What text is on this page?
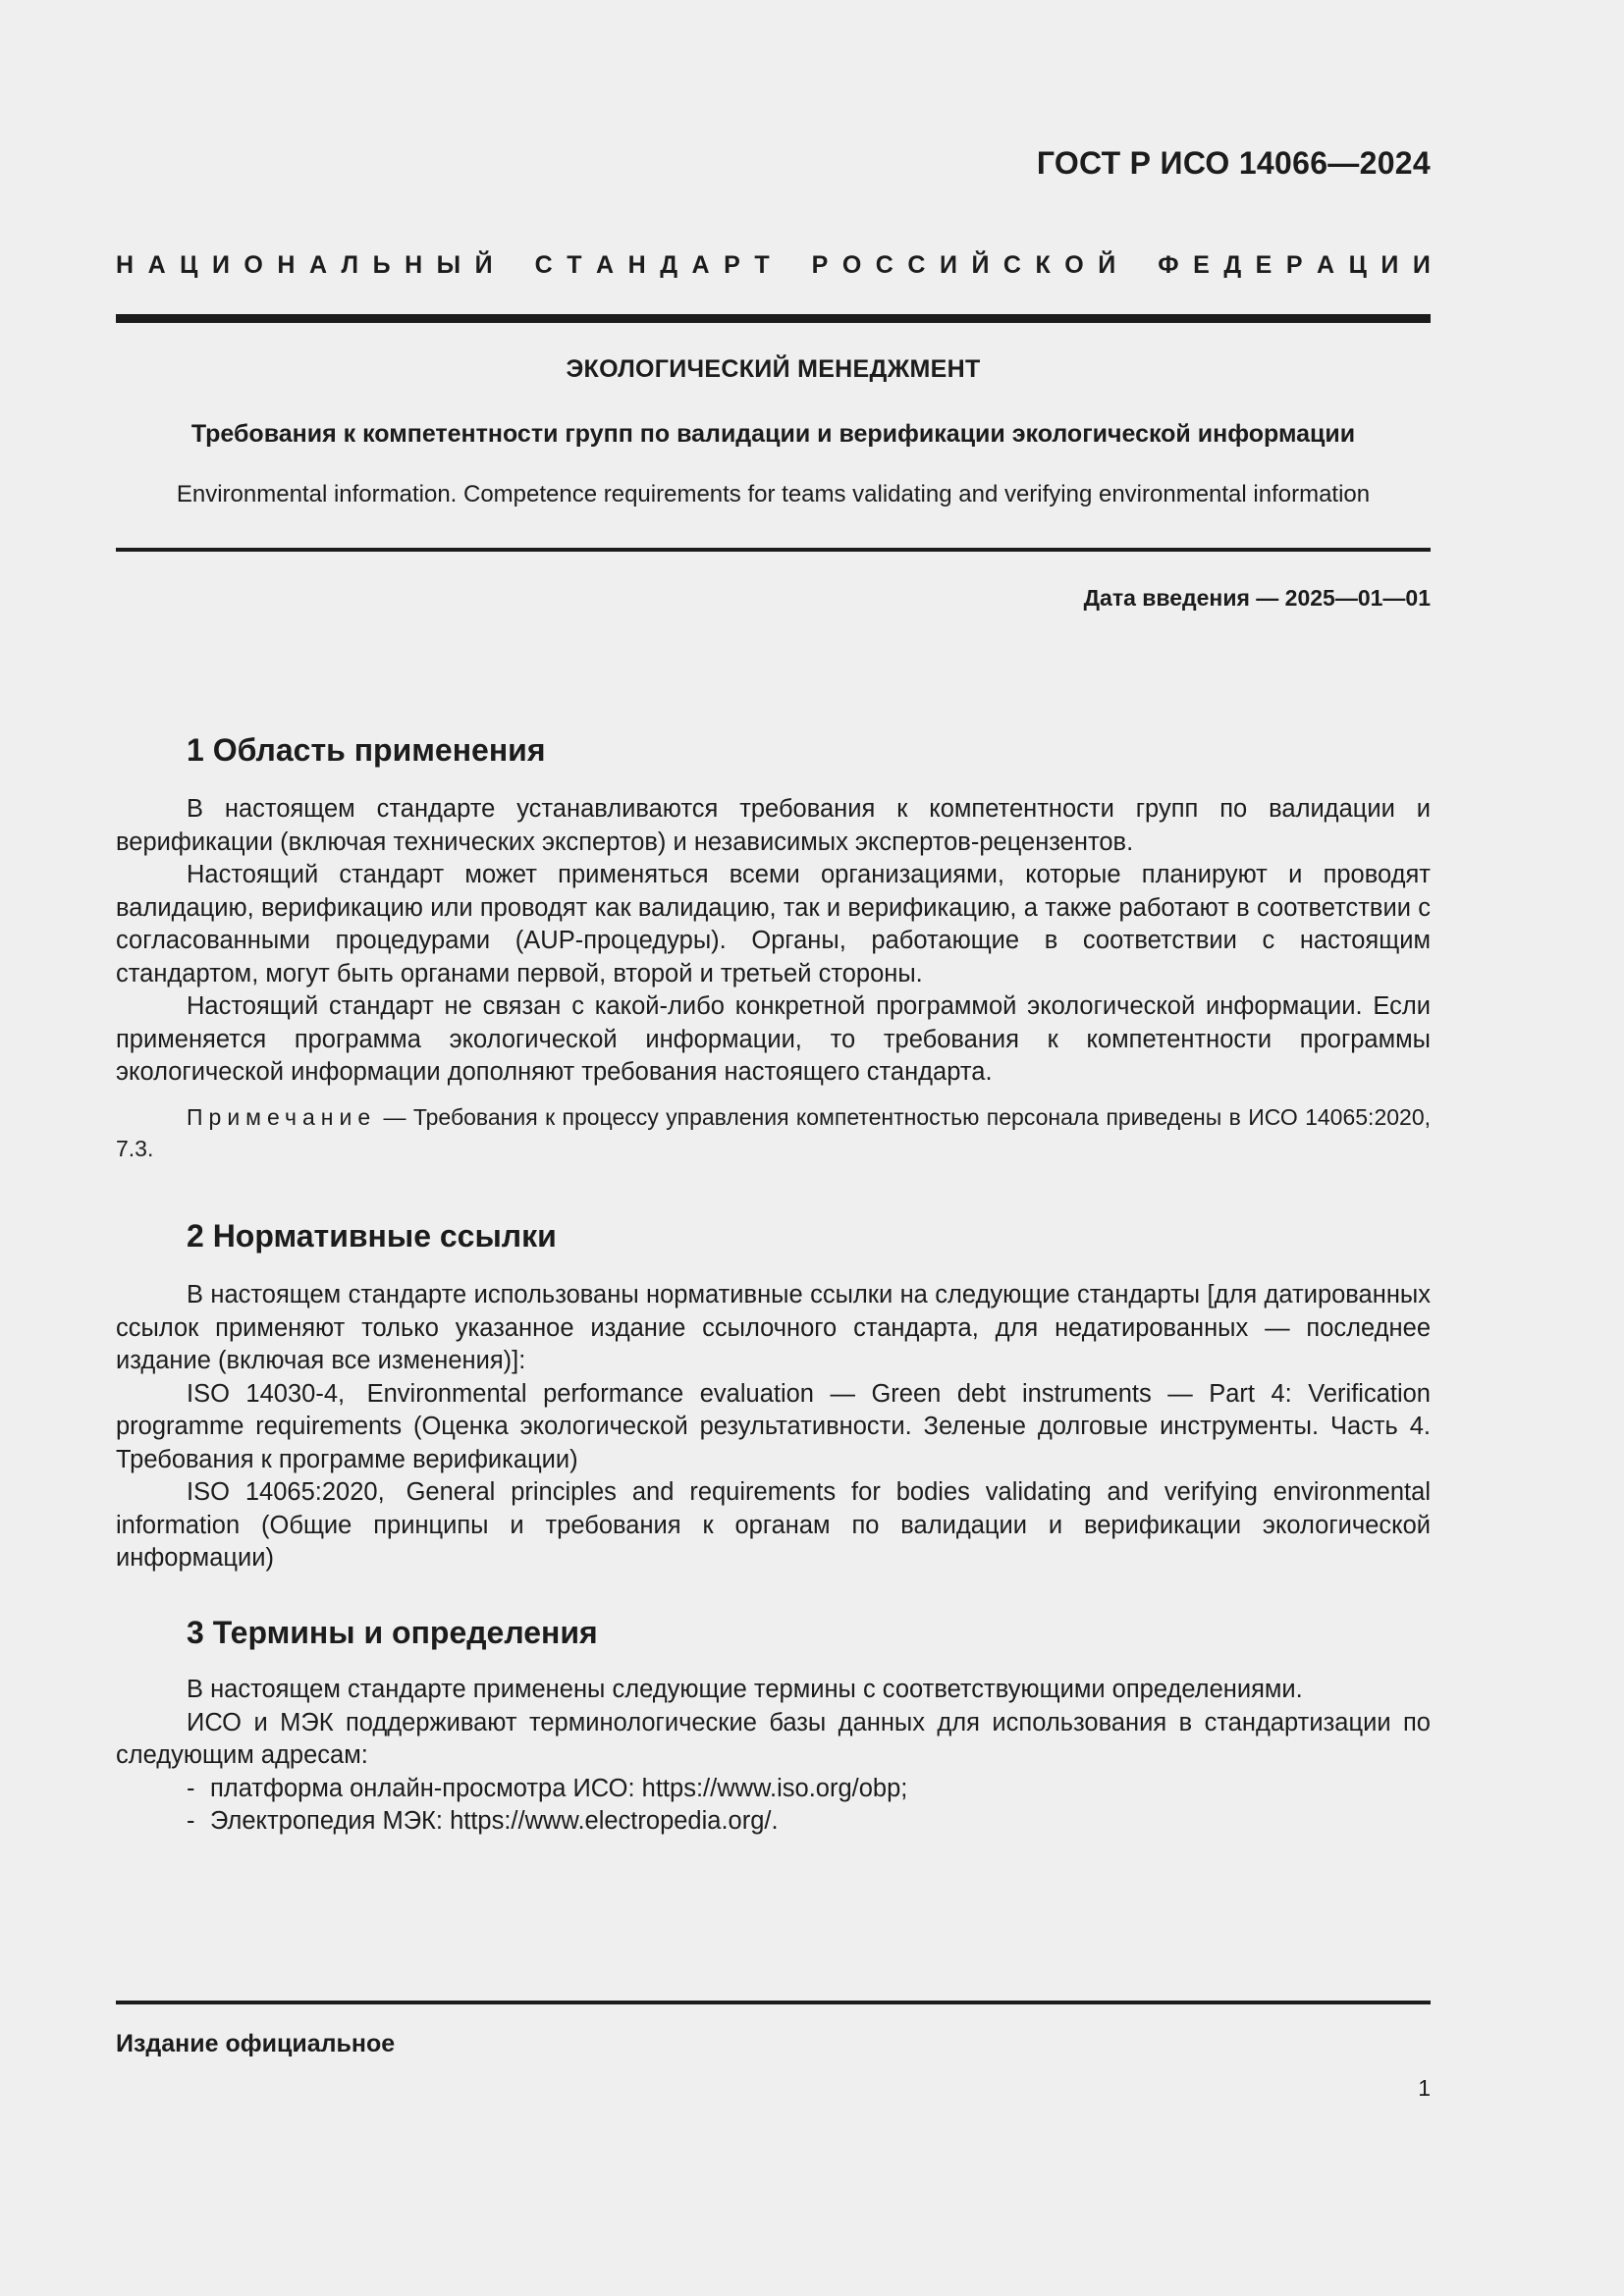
ГОСТ Р ИСО 14066—2024
Н А Ц И О Н А Л Ь Н Ы Й С Т А Н Д А Р Т Р О С С И Й С К О Й Ф Е Д Е Р А Ц И И
ЭКОЛОГИЧЕСКИЙ МЕНЕДЖМЕНТ
Требования к компетентности групп по валидации и верификации экологической информации
Environmental information. Competence requirements for teams validating and verifying environmental information
Дата введения — 2025—01—01
1 Область применения

В настоящем стандарте устанавливаются требования к компетентности групп по валидации и верификации (включая технических экспертов) и независимых экспертов-рецензентов.

Настоящий стандарт может применяться всеми организациями, которые планируют и проводят валидацию, верификацию или проводят как валидацию, так и верификацию, а также работают в соответствии с согласованными процедурами (AUP-процедуры). Органы, работающие в соответствии с настоящим стандартом, могут быть органами первой, второй и третьей стороны.

Настоящий стандарт не связан с какой-либо конкретной программой экологической информации. Если применяется программа экологической информации, то требования к компетентности программы экологической информации дополняют требования настоящего стандарта.

Примечание — Требования к процессу управления компетентностью персонала приведены в ИСО 14065:2020, 7.3.
2 Нормативные ссылки

В настоящем стандарте использованы нормативные ссылки на следующие стандарты [для датированных ссылок применяют только указанное издание ссылочного стандарта, для недатированных — последнее издание (включая все изменения)]:

ISO 14030-4, Environmental performance evaluation — Green debt instruments — Part 4: Verification programme requirements (Оценка экологической результативности. Зеленые долговые инструменты. Часть 4. Требования к программе верификации)

ISO 14065:2020, General principles and requirements for bodies validating and verifying environmental information (Общие принципы и требования к органам по валидации и верификации экологической информации)

3 Термины и определения

В настоящем стандарте применены следующие термины с соответствующими определениями.

ИСО и МЭК поддерживают терминологические базы данных для использования в стандартизации по следующим адресам:

- платформа онлайн-просмотра ИСО: https://www.iso.org/obp;

- Электропедия МЭК: https://www.electropedia.org/.

Издание официальное
1
